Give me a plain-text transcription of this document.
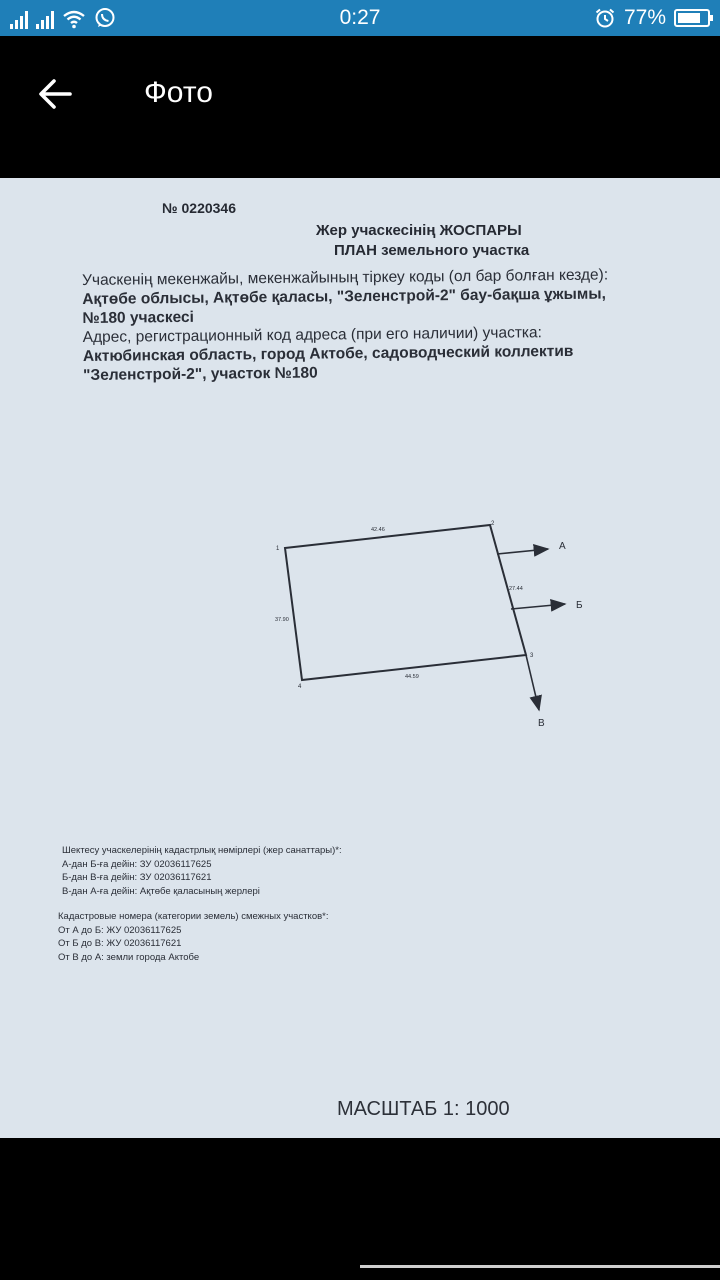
0:27	77%
Фото
№ 0220346
Жер учаскесінің ЖОСПАРЫ
ПЛАН земельного участка
Учаскенің мекенжайы, мекенжайының тіркеу коды (ол бар болған кезде):
Ақтөбе облысы, Ақтөбе қаласы, "Зеленстрой-2" бау-бақша ұжымы,
№180 учаскесі
Адрес, регистрационный код адреса (при его наличии) участка:
Актюбинская область, город Актобе, садоводческий коллектив
"Зеленстрой-2", участок №180
1
2
3
4
42.46
27.44
44.59
37.90
А
Б
В
Шектесу учаскелерінің кадастрлық нөмірлері (жер санаттары)*:
А-дан Б-ға дейін: ЗУ 02036117625
Б-дан В-ға дейін: ЗУ 02036117621
В-дан А-ға дейін: Ақтөбе қаласының жерлері
Кадастровые номера (категории земель) смежных участков*:
От А до Б: ЖУ 02036117625
От Б до В: ЖУ 02036117621
От В до А: земли города Актобе
МАСШТАБ 1: 1000
